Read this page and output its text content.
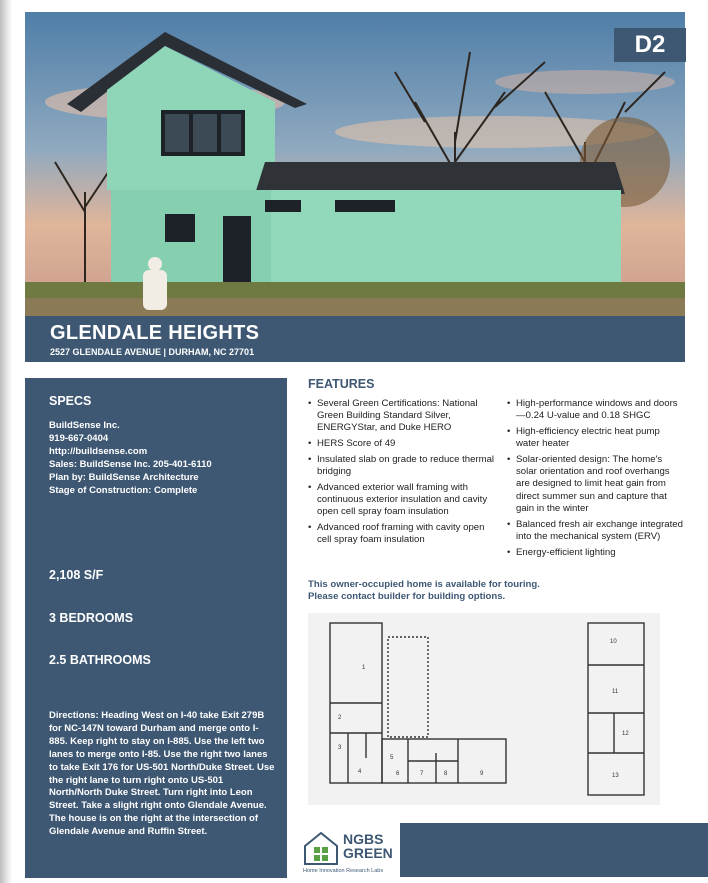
D2
GLENDALE HEIGHTS
2527 GLENDALE AVENUE | DURHAM, NC 27701
SPECS
BuildSense Inc.
919-667-0404
http://buildsense.com
Sales: BuildSense Inc. 205-401-6110
Plan by: BuildSense Architecture
Stage of Construction: Complete
2,108 S/F
3 BEDROOMS
2.5 BATHROOMS
Directions: Heading West on I-40 take Exit 279B for NC-147N toward Durham and merge onto I-885. Keep right to stay on I-885. Use the left two lanes to merge onto I-85. Use the right two lanes to take Exit 176 for US-501 North/Duke Street. Use the right lane to turn right onto US-501 North/North Duke Street. Turn right into Leon Street. Take a slight right onto Glendale Avenue. The house is on the right at the intersection of Glendale Avenue and Ruffin Street.
FEATURES
• Several Green Certifications: National Green Building Standard Silver, ENERGYStar, and Duke HERO
• HERS Score of 49
• Insulated slab on grade to reduce thermal bridging
• Advanced exterior wall framing with continuous exterior insulation and cavity open cell spray foam insulation
• Advanced roof framing with cavity open cell spray foam insulation
• High-performance windows and doors—0.24 U-value and 0.18 SHGC
• High-efficiency electric heat pump water heater
• Solar-oriented design: The home's solar orientation and roof overhangs are designed to limit heat gain from direct summer sun and capture that gain in the winter
• Balanced fresh air exchange integrated into the mechanical system (ERV)
• Energy-efficient lighting
This owner-occupied home is available for touring.
Please contact builder for building options.
1
2
3
4
5
6	7	8	9
10
11
12
13
NGBS
GREEN
Home Innovation Research Labs
